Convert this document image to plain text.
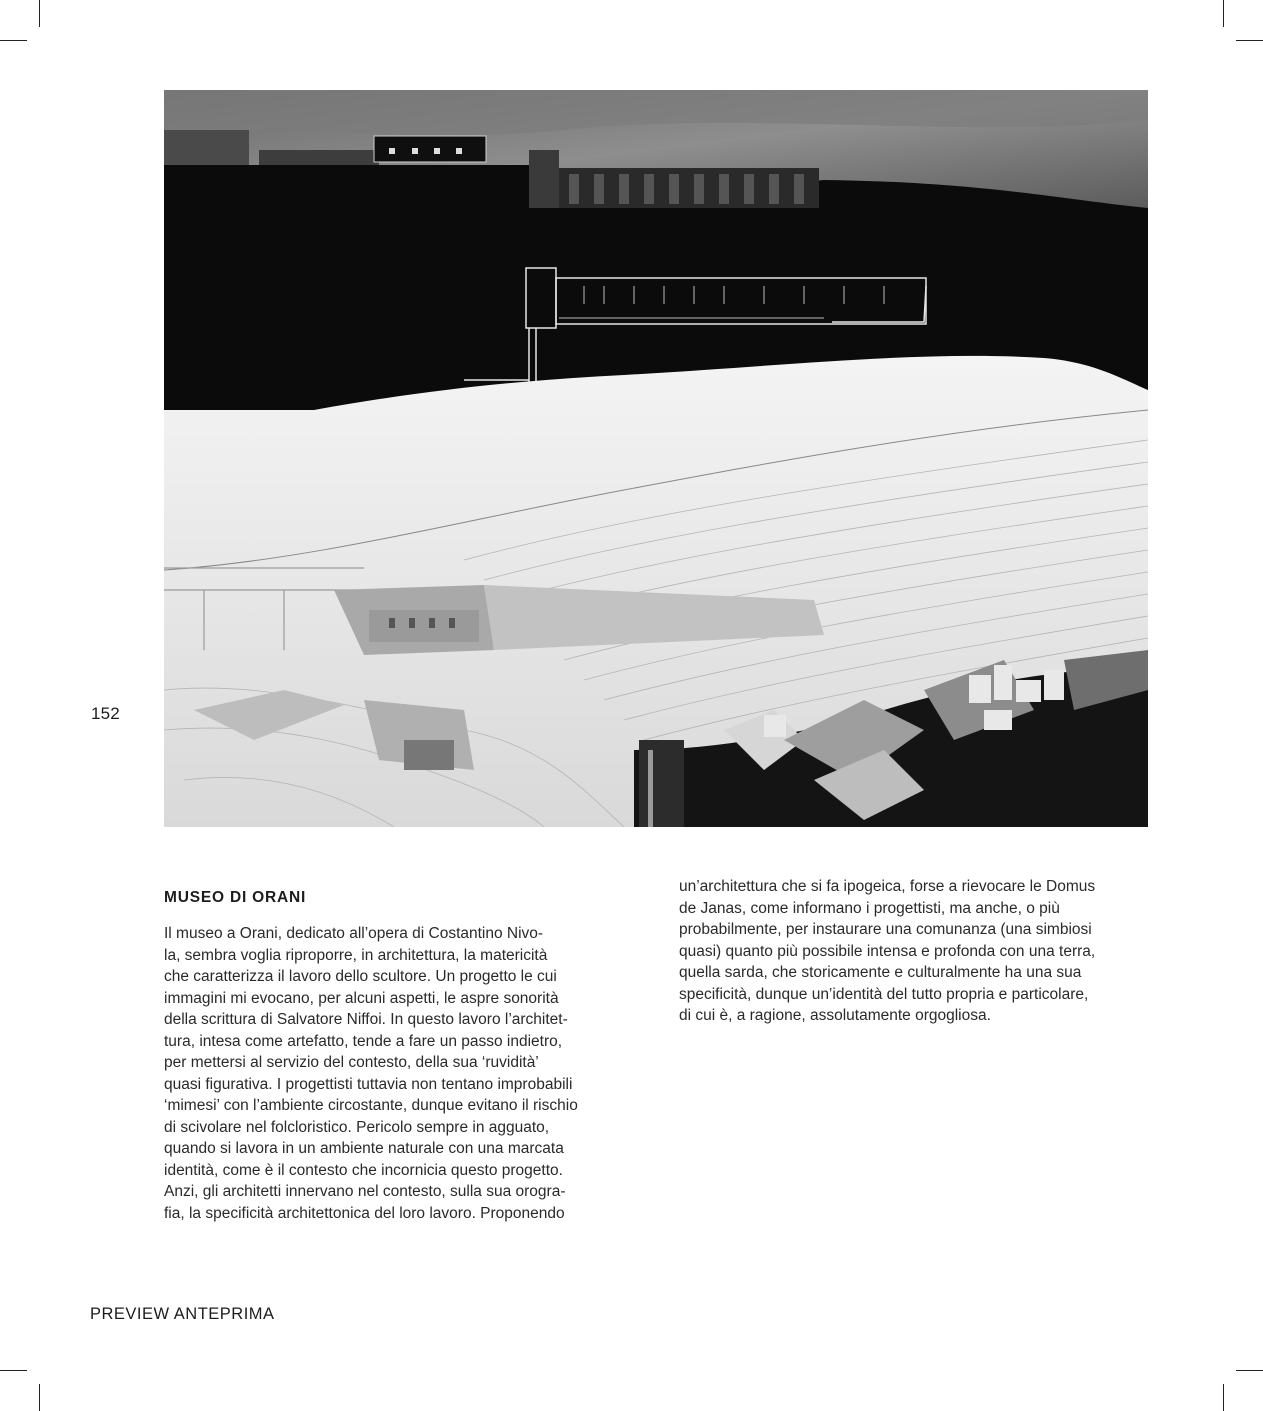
152
MUSEO DI ORANI

Il museo a Orani, dedicato all’opera di Costantino Nivo-
la, sembra voglia riproporre, in architettura, la matericità
che caratterizza il lavoro dello scultore. Un progetto le cui
immagini mi evocano, per alcuni aspetti, le aspre sonorità
della scrittura di Salvatore Niffoi. In questo lavoro l’architet-
tura, intesa come artefatto, tende a fare un passo indietro,
per mettersi al servizio del contesto, della sua ‘ruvidità’
quasi figurativa. I progettisti tuttavia non tentano improbabili
‘mimesi’ con l’ambiente circostante, dunque evitano il rischio
di scivolare nel folcloristico. Pericolo sempre in agguato,
quando si lavora in un ambiente naturale con una marcata
identità, come è il contesto che incornicia questo progetto.
Anzi, gli architetti innervano nel contesto, sulla sua orogra-
fia, la specificità architettonica del loro lavoro. Proponendo

un’architettura che si fa ipogeica, forse a rievocare le Domus
de Janas, come informano i progettisti, ma anche, o più
probabilmente, per instaurare una comunanza (una simbiosi
quasi) quanto più possibile intensa e profonda con una terra,
quella sarda, che storicamente e culturalmente ha una sua
specificità, dunque un’identità del tutto propria e particolare,
di cui è, a ragione, assolutamente orgogliosa.

PREVIEW ANTEPRIMA
